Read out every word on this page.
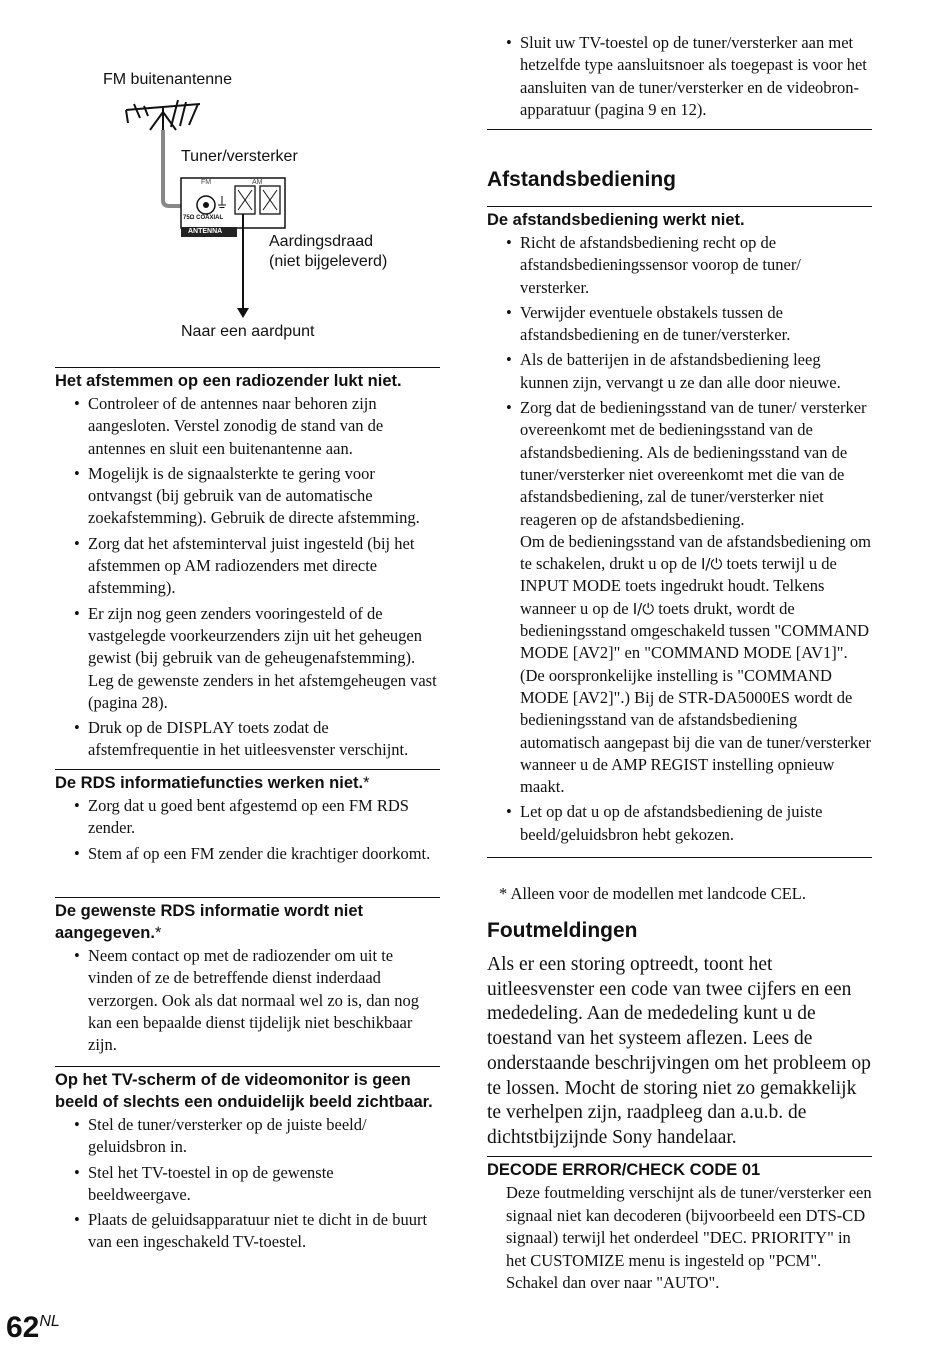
FM buitenantenne
Tuner/versterker
Aardingsdraad
(niet bijgeleverd)
Naar een aardpunt
FM	AM
75Ω COAXIAL
ANTENNA
Het afstemmen op een radiozender lukt niet.
• Controleer of de antennes naar behoren zijn aangesloten. Verstel zonodig de stand van de antennes en sluit een buitenantenne aan.
• Mogelijk is de signaalsterkte te gering voor ontvangst (bij gebruik van de automatische zoekafstemming). Gebruik de directe afstemming.
• Zorg dat het afsteminterval juist ingesteld (bij het afstemmen op AM radiozenders met directe afstemming).
• Er zijn nog geen zenders vooringesteld of de vastgelegde voorkeurzenders zijn uit het geheugen gewist (bij gebruik van de geheugenafstemming). Leg de gewenste zenders in het afstemgeheugen vast (pagina 28).
• Druk op de DISPLAY toets zodat de afstemfrequentie in het uitleesvenster verschijnt.
De RDS informatiefuncties werken niet.*
• Zorg dat u goed bent afgestemd op een FM RDS zender.
• Stem af op een FM zender die krachtiger doorkomt.
De gewenste RDS informatie wordt niet aangegeven.*
• Neem contact op met de radiozender om uit te vinden of ze de betreffende dienst inderdaad verzorgen. Ook als dat normaal wel zo is, dan nog kan een bepaalde dienst tijdelijk niet beschikbaar zijn.
Op het TV-scherm of de videomonitor is geen beeld of slechts een onduidelijk beeld zichtbaar.
• Stel de tuner/versterker op de juiste beeld/ geluidsbron in.
• Stel het TV-toestel in op de gewenste beeldweergave.
• Plaats de geluidsapparatuur niet te dicht in de buurt van een ingeschakeld TV-toestel.
• Sluit uw TV-toestel op de tuner/versterker aan met hetzelfde type aansluitsnoer als toegepast is voor het aansluiten van de tuner/versterker en de videobron-apparatuur (pagina 9 en 12).
Afstandsbediening
De afstandsbediening werkt niet.
• Richt de afstandsbediening recht op de afstandsbedieningssensor voorop de tuner/ versterker.
• Verwijder eventuele obstakels tussen de afstandsbediening en de tuner/versterker.
• Als de batterijen in de afstandsbediening leeg kunnen zijn, vervangt u ze dan alle door nieuwe.
• Zorg dat de bedieningsstand van de tuner/ versterker overeenkomt met de bedieningsstand van de afstandsbediening. Als de bedieningsstand van de tuner/versterker niet overeenkomt met die van de afstandsbediening, zal de tuner/versterker niet reageren op de afstandsbediening.
Om de bedieningsstand van de afstandsbediening om te schakelen, drukt u op de I/⏻ toets terwijl u de INPUT MODE toets ingedrukt houdt. Telkens wanneer u op de I/⏻ toets drukt, wordt de bedieningsstand omgeschakeld tussen "COMMAND MODE [AV2]" en "COMMAND MODE [AV1]". (De oorspronkelijke instelling is "COMMAND MODE [AV2]".) Bij de STR-DA5000ES wordt de bedieningsstand van de afstandsbediening automatisch aangepast bij die van de tuner/versterker wanneer u de AMP REGIST instelling opnieuw maakt.
• Let op dat u op de afstandsbediening de juiste beeld/geluidsbron hebt gekozen.
* Alleen voor de modellen met landcode CEL.
Foutmeldingen
Als er een storing optreedt, toont het uitleesvenster een code van twee cijfers en een mededeling. Aan de mededeling kunt u de toestand van het systeem aflezen. Lees de onderstaande beschrijvingen om het probleem op te lossen. Mocht de storing niet zo gemakkelijk te verhelpen zijn, raadpleeg dan a.u.b. de dichtstbijzijnde Sony handelaar.
DECODE ERROR/CHECK CODE 01
Deze foutmelding verschijnt als de tuner/versterker een signaal niet kan decoderen (bijvoorbeeld een DTS-CD signaal) terwijl het onderdeel "DEC. PRIORITY" in het CUSTOMIZE menu is ingesteld op "PCM". Schakel dan over naar "AUTO".
62NL
